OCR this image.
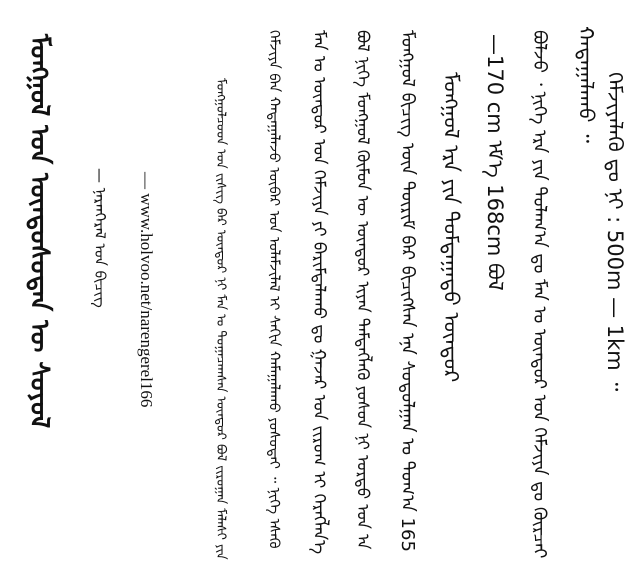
ᠮᠣᠩᠭᠣᠯ ᠤᠨ ᠦᠨᠳᠦᠰᠦᠲᠡᠨ ᠦ ᠰᠣᠶᠣᠯ — ᠨᠠᠷᠠᠨᠭᠡᠷᠡᠯ ᠤᠨ ᠪᠢᠴᠢᠭ — www.holvoo.net/narengerel166	ᠮᠣᠩᠭᠣᠯᠴᠤᠳ ᠤᠨ ᠵᠢᠰᠢᠭ ᠪᠡᠷ ᠥᠨᠳᠦᠷ ᠨᠢ ᠮᠠᠨ ᠤ ᠲᠤᠭᠠᠴᠠᠭᠰᠠᠨ ᠥᠨᠳᠦᠷ ᠪᠣᠯ ᠵᠢᠷᠤᠭᠠᠨ ᠮᠠᠯᠠᠰᠢ ᠶᠢᠨ	ᠬᠡᠮᠵᠢᠶᠡ ᠪᠠᠨ ᠬᠠᠳᠠᠭᠠᠯᠠᠵᠤ ᠥᠪᠡᠷ ᠤᠨ ᠤᠯᠠᠮᠵᠢᠯᠠᠯ ᠢ ᠰᠠᠬᠢᠨ ᠬᠠᠮᠠᠭᠠᠯᠠᠬᠤ ᠶᠣᠰᠣᠲᠠᠢ ᠃ ᠨᠢᠭᠡ ᠡᠰᠡᠬᠦ ᠮᠠᠨ ᠤ ᠥᠨᠳᠦᠷ ᠤᠨ ᠬᠡᠮᠵᠢᠶᠡ ᠶᠢ ᠪᠠᠷᠢᠮᠳᠠᠯᠠᠬᠤ ᠳᠤ ᠭᠠᠵᠠᠷ ᠤᠨ ᠵᠢᠷᠤᠭ ᠢ ᠬᠡᠷᠡᠭᠯᠡᠨ᠎ᠡ ᠪᠣᠯ ᠨᠢᠭᠡ ᠮᠣᠩᠭᠣᠯ ᠬᠦᠮᠦᠨ ᠦ ᠥᠨᠳᠦᠷ ᠢᠶᠡᠨ ᠲᠡᠮᠳᠡᠭᠯᠡᠬᠦ ᠶᠤᠰᠤᠨ ᠨᠢ ᠤᠷᠲᠤ ᠣᠨ ᠠ ᠮᠣᠩᠭᠣᠯ ᠪᠢᠴᠢᠭ ᠦᠨ ᠳᠦᠷᠢᠮ ᠪᠡᠷ ᠪᠢᠴᠢᠭᠰᠡᠨ ᠡᠨᠡ ᠰᠤᠳᠤᠯᠭᠠᠨ ᠤ ᠲᠤᠭ᠎ᠠ 165 ᠮᠣᠩᠭᠣᠯ ᠡᠷᠡ ᠶᠢᠨ ᠳᠤᠮᠳᠠᠭᠠᠳᠤ ᠥᠨᠳᠦᠷ —170 cm ᠡᠮ᠎ᠡ 168cm ᠪᠣᠯ ᠪᠣᠯᠵᠤ ᠂ ᠨᠢᠭᠡ ᠡᠷᠡ ᠶᠢᠨ ᠲᠤᠯᠠᠭ᠎ᠠ ᠳᠤ ᠮᠠᠨ ᠤ ᠥᠨᠳᠦᠷ ᠤᠨ ᠬᠡᠮᠵᠢᠶᠡ ᠳᠤ ᠬᠦᠷᠴᠡᠢ ᠬᠠᠳᠠᠭᠠᠯᠠᠬᠤ ᠃ ᠬᠡᠮᠵᠢᠶᠡᠯᠡᠬᠦ ᠳᠤ ᠨᠢ : 500m — 1km ᠃
